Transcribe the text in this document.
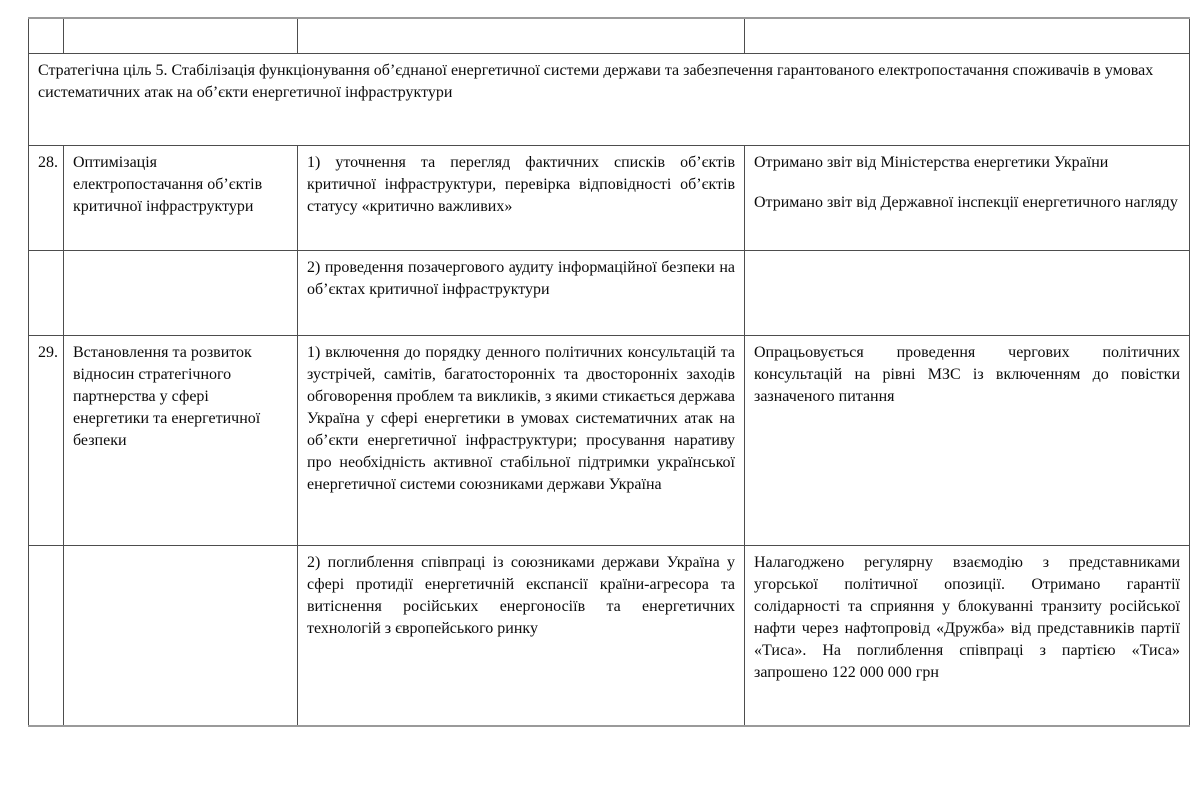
Стратегічна ціль 5. Стабілізація функціонування об’єднаної енергетичної системи держави та забезпечення гарантованого електропостачання споживачів в умовах систематичних атак на об’єкти енергетичної інфраструктури			
28.	Оптимізація електропостачання об’єктів критичної інфраструктури	1) уточнення та перегляд фактичних списків об’єктів критичної інфраструктури, перевірка відповідності об’єктів статусу «критично важливих»	Отримано звіт від Міністерства енергетики України

Отримано звіт від Державної інспекції енергетичного нагляду

		2) проведення позачергового аудиту інформаційної безпеки на об’єктах критичної інфраструктури	
29.	Встановлення та розвиток відносин стратегічного партнерства у сфері енергетики та енергетичної безпеки	1) включення до порядку денного політичних консультацій та зустрічей, самітів, багатосторонніх та двосторонніх заходів обговорення проблем та викликів, з якими стикається держава Україна у сфері енергетики в умовах систематичних атак на об’єкти енергетичної інфраструктури; просування наративу про необхідність активної стабільної підтримки української енергетичної системи союзниками держави Україна	Опрацьовується проведення чергових політичних консультацій на рівні МЗС із включенням до повістки зазначеного питання

		2) поглиблення співпраці із союзниками держави Україна у сфері протидії енергетичній експансії країни-агресора та витіснення російських енергоносіїв та енергетичних технологій з європейського ринку	Налагоджено регулярну взаємодію з представниками угорської політичної опозиції. Отримано гарантії солідарності та сприяння у блокуванні транзиту російської нафти через нафтопровід «Дружба» від представників партії «Тиса». На поглиблення співпраці з партією «Тиса» запрошено 122 000 000 грн
